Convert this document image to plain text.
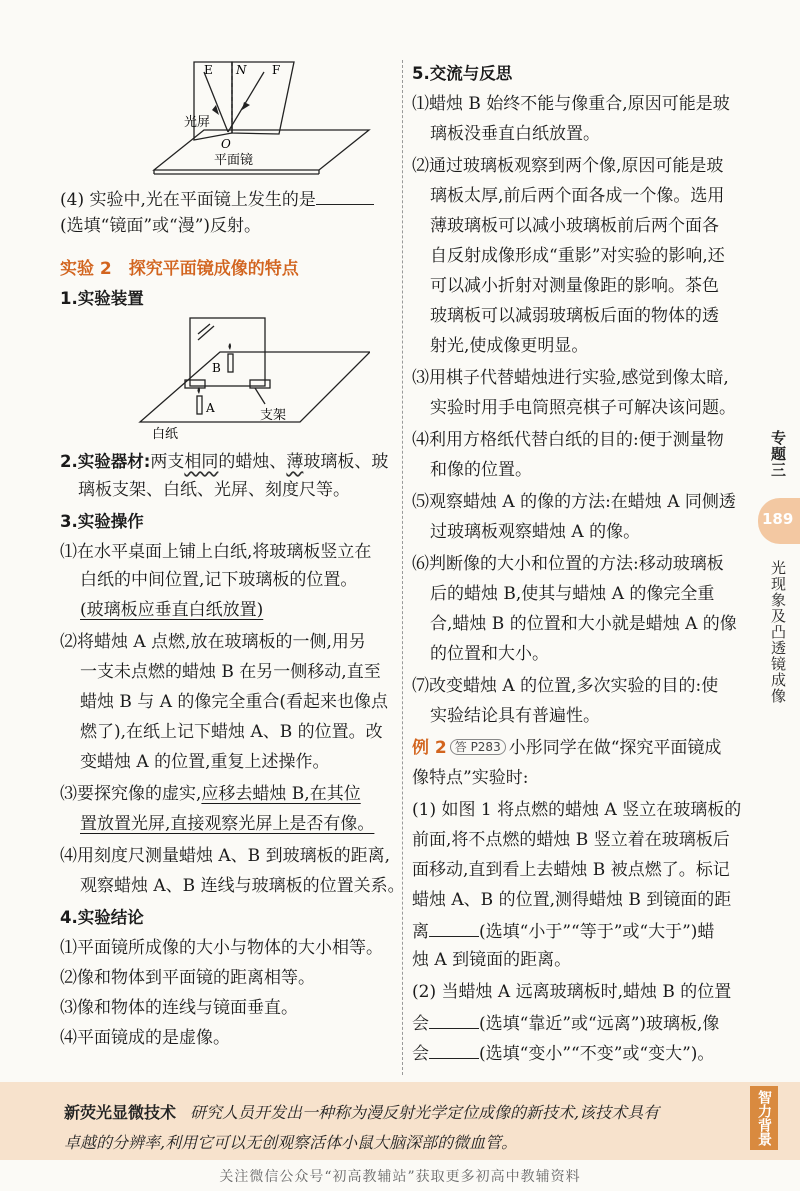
E N F
光屏
O
平面镜
(4) 实验中,光在平面镜上发生的是
(选填“镜面”或“漫”)反射。
实验 2　探究平面镜成像的特点
1.实验装置
B
A	支架
白纸
2.实验器材:两支相同的蜡烛、薄玻璃板、玻
璃板支架、白纸、光屏、刻度尺等。
3.实验操作
⑴在水平桌面上铺上白纸,将玻璃板竖立在
白纸的中间位置,记下玻璃板的位置。
(玻璃板应垂直白纸放置)
⑵将蜡烛 A 点燃,放在玻璃板的一侧,用另
一支未点燃的蜡烛 B 在另一侧移动,直至
蜡烛 B 与 A 的像完全重合(看起来也像点
燃了),在纸上记下蜡烛 A、B 的位置。改
变蜡烛 A 的位置,重复上述操作。
⑶要探究像的虚实,应移去蜡烛 B,在其位
置放置光屏,直接观察光屏上是否有像。
⑷用刻度尺测量蜡烛 A、B 到玻璃板的距离,
观察蜡烛 A、B 连线与玻璃板的位置关系。
4.实验结论
⑴平面镜所成像的大小与物体的大小相等。
⑵像和物体到平面镜的距离相等。
⑶像和物体的连线与镜面垂直。
⑷平面镜成的是虚像。
5.交流与反思
⑴蜡烛 B 始终不能与像重合,原因可能是玻
璃板没垂直白纸放置。
⑵通过玻璃板观察到两个像,原因可能是玻
璃板太厚,前后两个面各成一个像。选用
薄玻璃板可以减小玻璃板前后两个面各
自反射成像形成“重影”对实验的影响,还
可以减小折射对测量像距的影响。茶色
玻璃板可以减弱玻璃板后面的物体的透
射光,使成像更明显。
⑶用棋子代替蜡烛进行实验,感觉到像太暗,
实验时用手电筒照亮棋子可解决该问题。
⑷利用方格纸代替白纸的目的:便于测量物
和像的位置。
⑸观察蜡烛 A 的像的方法:在蜡烛 A 同侧透
过玻璃板观察蜡烛 A 的像。
⑹判断像的大小和位置的方法:移动玻璃板
后的蜡烛 B,使其与蜡烛 A 的像完全重
合,蜡烛 B 的位置和大小就是蜡烛 A 的像
的位置和大小。
⑺改变蜡烛 A 的位置,多次实验的目的:使
实验结论具有普遍性。
例 2 答 P283 小彤同学在做“探究平面镜成
像特点”实验时:
(1) 如图 1 将点燃的蜡烛 A 竖立在玻璃板的
前面,将不点燃的蜡烛 B 竖立着在玻璃板后
面移动,直到看上去蜡烛 B 被点燃了。标记
蜡烛 A、B 的位置,测得蜡烛 B 到镜面的距
离	(选填“小于”“等于”或“大于”)蜡
烛 A 到镜面的距离。
(2) 当蜡烛 A 远离玻璃板时,蜡烛 B 的位置
会	(选填“靠近”或“远离”)玻璃板,像
会	(选填“变小”“不变”或“变大”)。
专题三
189
光现象及凸透镜成像
新荧光显微技术 研究人员开发出一种称为漫反射光学定位成像的新技术,该技术具有
卓越的分辨率,利用它可以无创观察活体小鼠大脑深部的微血管。	智力背景
关注微信公众号“初高教辅站”获取更多初高中教辅资料
